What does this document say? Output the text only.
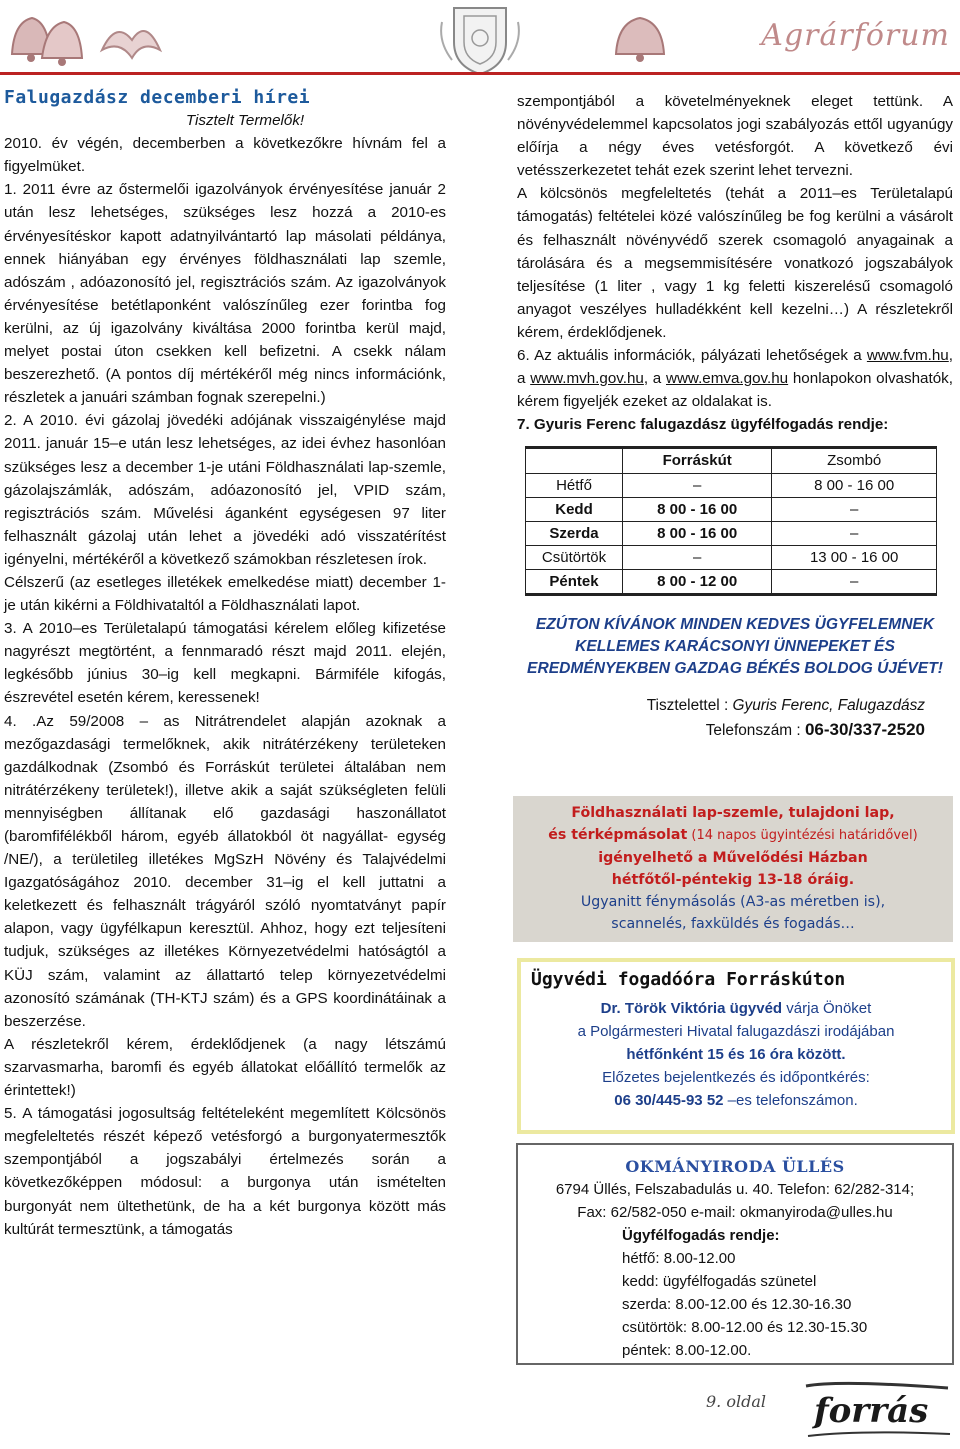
Agrárfórum
Falugazdász decemberi hírei
Tisztelt Termelők!

2010. év végén, decemberben a következőkre hívnám fel a figyelmüket.

1. 2011 évre az őstermelői igazolványok érvényesítése január 2 után lesz lehetséges, szükséges lesz hozzá a 2010-es érvényesítéskor kapott adatnyilvántartó lap másolati példánya, ennek hiányában egy érvényes földhasználati lap szemle, adószám , adóazonosító jel, regisztrációs szám. Az igazolványok érvényesítése betétlaponként valószínűleg ezer forintba fog kerülni, az új igazolvány kiváltása 2000 forintba kerül majd, melyet postai úton csekken kell befizetni. A csekk nálam beszerezhető. (A pontos díj mértékéről még nincs információnk, részletek a januári számban fognak szerepelni.)

2. A 2010. évi gázolaj jövedéki adójának visszaigénylése majd 2011. január 15–e után lesz lehetséges, az idei évhez hasonlóan szükséges lesz a december 1-je utáni Földhasználati lap-szemle, gázolajszámlák, adószám, adóazonosító jel, VPID szám, regisztrációs szám. Művelési áganként egységesen 97 liter felhasznált gázolaj után lehet a jövedéki adó visszatérítést igényelni, mértékéről a következő számokban részletesen írok.

Célszerű (az esetleges illetékek emelkedése miatt) december 1-je után kikérni a Földhivataltól a Földhasználati lapot.

3. A 2010–es Területalapú támogatási kérelem előleg kifizetése nagyrészt megtörtént, a fennmaradó részt majd 2011. elején, legkésőbb június 30–ig kell megkapni. Bármiféle kifogás, észrevétel esetén kérem, keressenek!

4. .Az 59/2008 – as Nitrátrendelet alapján azoknak a mezőgazdasági termelőknek, akik nitrátérzékeny területeken gazdálkodnak (Zsombó és Forráskút területei általában nem nitrátérzékeny területek!), illetve akik a saját szükségleten felüli mennyiségben állítanak elő gazdasági haszonállatot (baromfifélékből három, egyéb állatokból öt nagyállat- egység /NE/), a területileg illetékes MgSzH Növény és Talajvédelmi Igazgatóságához 2010. december 31–ig el kell juttatni a keletkezett és felhasznált trágyáról szóló nyomtatványt papír alapon, vagy ügyfélkapun keresztül. Ahhoz, hogy ezt teljesíteni tudjuk, szükséges az illetékes Környezetvédelmi hatóságtól a KÜJ szám, valamint az állattartó telep környezetvédelmi azonosító számának (TH-KTJ szám) és a GPS koordinátáinak a beszerzése.

A részletekről kérem, érdeklődjenek (a nagy létszámú szarvasmarha, baromfi és egyéb állatokat előállító termelők az érintettek!)

5. A támogatási jogosultság feltételeként megemlített Kölcsönös megfeleltetés részét képező vetésforgó a burgonyatermesztők szempontjából a jogszabályi értelmezés során a következőképpen módosul: a burgonya után ismételten burgonyát nem ültethetünk, de ha a két burgonya között más kultúrát termesztünk, a támogatás

szempontjából a követelményeknek eleget tettünk. A növényvédelemmel kapcsolatos jogi szabályozás ettől ugyanúgy előírja a négy éves vetésforgót. A következő évi vetésszerkezetet tehát ezek szerint lehet tervezni.

A kölcsönös megfeleltetés (tehát a 2011–es Területalapú támogatás) feltételei közé valószínűleg be fog kerülni a vásárolt és felhasznált növényvédő szerek csomagoló anyagainak a tárolására és a megsemmisítésére vonatkozó jogszabályok teljesítése (1 liter , vagy 1 kg feletti kiszerelésű csomagoló anyagot veszélyes hulladékként kell kezelni…) A részletekről kérem, érdeklődjenek.

6. Az aktuális információk, pályázati lehetőségek a www.fvm.hu, a www.mvh.gov.hu, a www.emva.gov.hu honlapokon olvashatók, kérem figyeljék ezeket az oldalakat is.

7. Gyuris Ferenc falugazdász ügyfélfogadás rendje:

	Forráskút	Zsombó
Hétfő	–	8 00 - 16 00
Kedd	8 00 - 16 00	–
Szerda	8 00 - 16 00	–
Csütörtök	–	13 00 - 16 00
Péntek	8 00 - 12 00	–
EZÚTON KÍVÁNOK MINDEN KEDVES ÜGYFELEMNEK
KELLEMES KARÁCSONYI ÜNNEPEKET ÉS
EREDMÉNYEKBEN GAZDAG BÉKÉS BOLDOG ÚJÉVET!
Tisztelettel : Gyuris Ferenc, Falugazdász
Telefonszám : 06-30/337-2520
Földhasználati lap-szemle, tulajdoni lap,
és térképmásolat (14 napos ügyintézési határidővel)
igényelhető a Művelődési Házban
hétfőtől-péntekig 13-18 óráig.
Ugyanitt fénymásolás (A3-as méretben is),
scannelés, faxküldés és fogadás…
Ügyvédi fogadóóra Forráskúton
Dr. Török Viktória ügyvéd várja Önöket
a Polgármesteri Hivatal falugazdászi irodájában
hétfőnként 15 és 16 óra között.
Előzetes bejelentkezés és időpontkérés:
06 30/445-93 52 –es telefonszámon.
OKMÁNYIRODA ÜLLÉS
6794 Üllés, Felszabadulás u. 40. Telefon: 62/282-314;
Fax: 62/582-050 e-mail: okmanyiroda@ulles.hu
Ügyfélfogadás rendje:
hétfő: 8.00-12.00
kedd: ügyfélfogadás szünetel
szerda: 8.00-12.00 és 12.30-16.30
csütörtök: 8.00-12.00 és 12.30-15.30
péntek: 8.00-12.00.
9. oldal forrás
